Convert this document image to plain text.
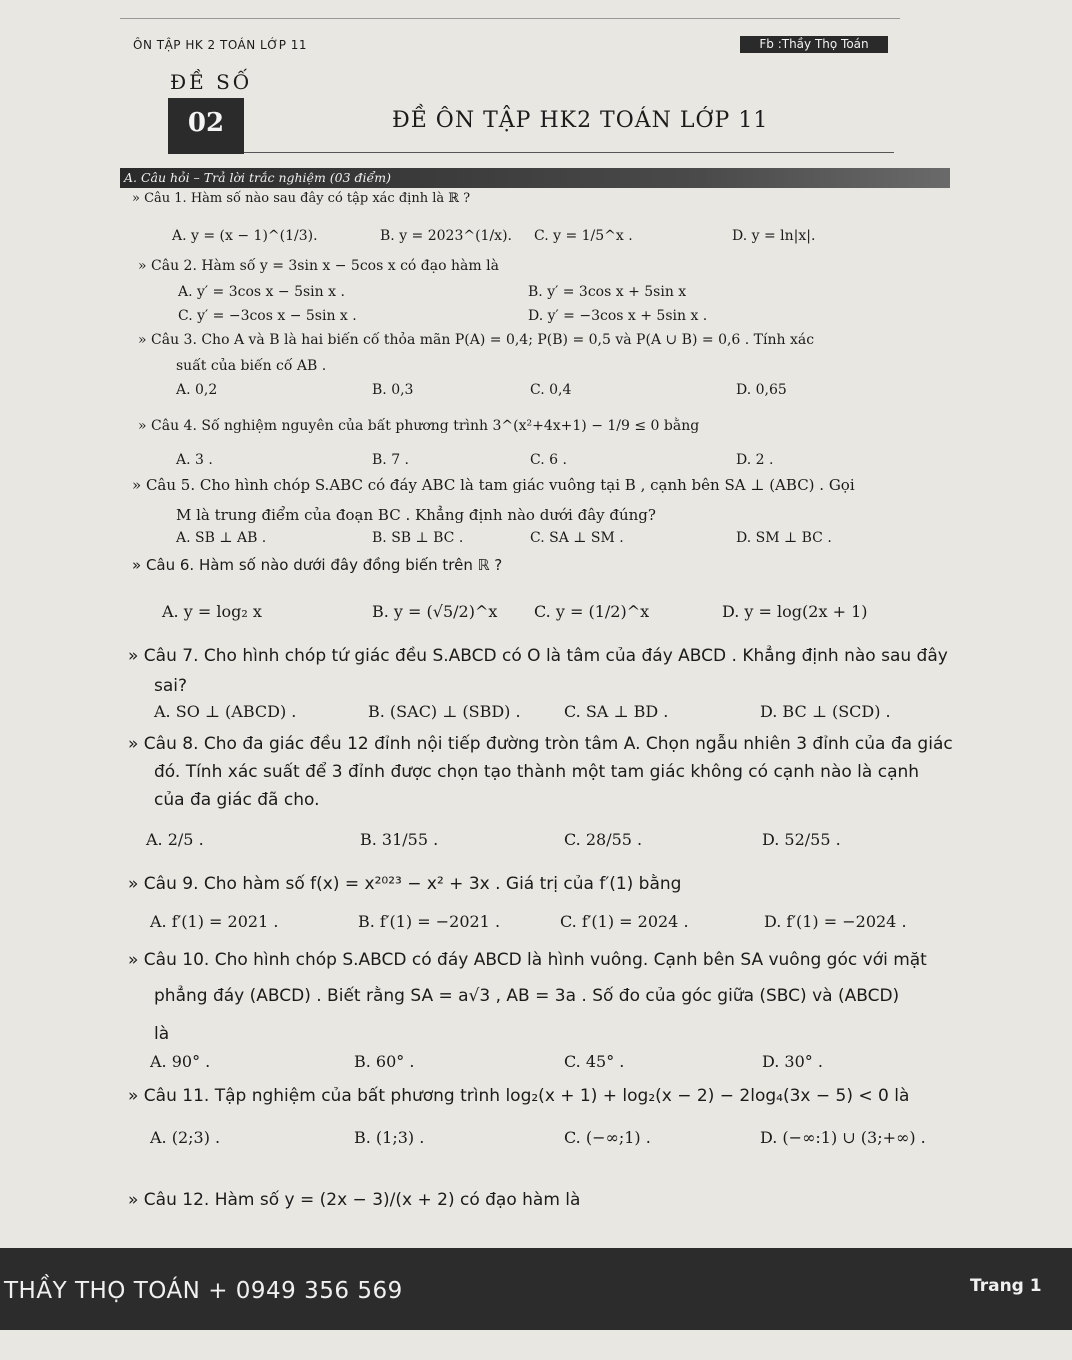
ÔN TẬP HK 2 TOÁN LỚP 11	Fb :Thầy Thọ Toán
ĐỀ SỐ
02	ĐỀ ÔN TẬP HK2 TOÁN LỚP 11
A. Câu hỏi – Trả lời trắc nghiệm (03 điểm)
» Câu 1. Hàm số nào sau đây có tập xác định là ℝ ?
A. y = (x − 1)^(1/3).	B. y = 2023^(1/x). C. y = 1/5^x .	D. y = ln|x|.
» Câu 2. Hàm số y = 3sin x − 5cos x có đạo hàm là
A. y′ = 3cos x − 5sin x .	B. y′ = 3cos x + 5sin x
C. y′ = −3cos x − 5sin x .	D. y′ = −3cos x + 5sin x .
» Câu 3. Cho A và B là hai biến cố thỏa mãn P(A) = 0,4; P(B) = 0,5 và P(A ∪ B) = 0,6 . Tính xác
suất của biến cố AB .
A. 0,2	B. 0,3	C. 0,4	D. 0,65
» Câu 4. Số nghiệm nguyên của bất phương trình 3^(x²+4x+1) − 1/9 ≤ 0 bằng
A. 3 .	B. 7 .	C. 6 .	D. 2 .
» Câu 5. Cho hình chóp S.ABC có đáy ABC là tam giác vuông tại B , cạnh bên SA ⊥ (ABC) . Gọi
M là trung điểm của đoạn BC . Khẳng định nào dưới đây đúng?
A. SB ⊥ AB .	B. SB ⊥ BC .	C. SA ⊥ SM .	D. SM ⊥ BC .
» Câu 6. Hàm số nào dưới đây đồng biến trên ℝ ?
A. y = log₂ x	B. y = (√5/2)^x C. y = (1/2)^x	D. y = log(2x + 1)
» Câu 7. Cho hình chóp tứ giác đều S.ABCD có O là tâm của đáy ABCD . Khẳng định nào sau đây
sai?
A. SO ⊥ (ABCD) .	B. (SAC) ⊥ (SBD) .	C. SA ⊥ BD .	D. BC ⊥ (SCD) .
» Câu 8. Cho đa giác đều 12 đỉnh nội tiếp đường tròn tâm A. Chọn ngẫu nhiên 3 đỉnh của đa giác
đó. Tính xác suất để 3 đỉnh được chọn tạo thành một tam giác không có cạnh nào là cạnh
của đa giác đã cho.
A. 2/5 .	B. 31/55 .	C. 28/55 .	D. 52/55 .
» Câu 9. Cho hàm số f(x) = x²⁰²³ − x² + 3x . Giá trị của f′(1) bằng
A. f′(1) = 2021 .	B. f′(1) = −2021 .	C. f′(1) = 2024 .	D. f′(1) = −2024 .
» Câu 10. Cho hình chóp S.ABCD có đáy ABCD là hình vuông. Cạnh bên SA vuông góc với mặt
phẳng đáy (ABCD) . Biết rằng SA = a√3 , AB = 3a . Số đo của góc giữa (SBC) và (ABCD)
là
A. 90° .	B. 60° .	C. 45° .	D. 30° .
» Câu 11. Tập nghiệm của bất phương trình log₂(x + 1) + log₂(x − 2) − 2log₄(3x − 5) < 0 là
A. (2;3) .	B. (1;3) .	C. (−∞;1) .	D. (−∞:1) ∪ (3;+∞) .
» Câu 12. Hàm số y = (2x − 3)/(x + 2) có đạo hàm là
THẦY THỌ TOÁN + 0949 356 569	Trang 1
